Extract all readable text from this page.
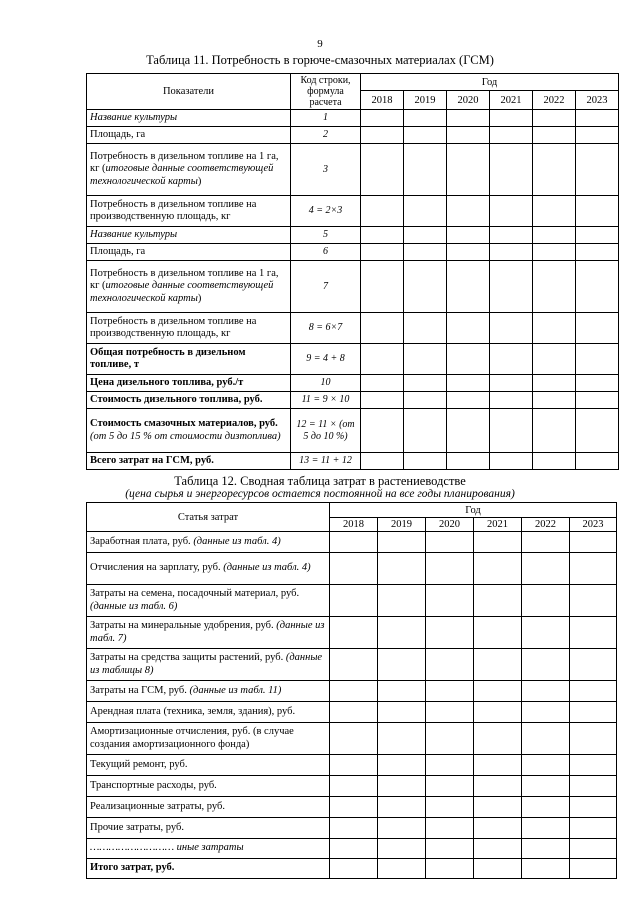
9
Таблица 11. Потребность в горюче-смазочных материалах (ГСМ)
Показатели	Код строки, формула расчета	Год					
		2018	2019	2020	2021	2022	2023
Название культуры	1						
Площадь, га	2						
Потребность в дизельном топливе на 1 га, кг (итоговые данные соответствующей технологической карты)	3						
Потребность в дизельном топливе на производственную площадь, кг	4 = 2×3						
Название культуры	5						
Площадь, га	6						
Потребность в дизельном топливе на 1 га, кг (итоговые данные соответствующей технологической карты)	7						
Потребность в дизельном топливе на производственную площадь, кг	8 = 6×7						
Общая потребность в дизельном топливе, т	9 = 4 + 8						
Цена дизельного топлива, руб./т	10						
Стоимость дизельного топлива, руб.	11 = 9 × 10						
Стоимость смазочных материалов, руб. (от 5 до 15 % от стоимости дизтоплива)	12 = 11 × (от 5 до 10 %)						
Всего затрат на ГСМ, руб.	13 = 11 + 12						
Таблица 12. Сводная таблица затрат в растениеводстве
(цена сырья и энергоресурсов остается постоянной на все годы планирования)
Статья затрат	Год					
	2018	2019	2020	2021	2022	2023
Заработная плата, руб. (данные из табл. 4)						
Отчисления на зарплату, руб. (данные из табл. 4)						
Затраты на семена, посадочный материал, руб. (данные из табл. 6)						
Затраты на минеральные удобрения, руб. (данные из табл. 7)						
Затраты на средства защиты растений, руб. (данные из таблицы 8)						
Затраты на ГСМ, руб. (данные из табл. 11)						
Арендная плата (техника, земля, здания), руб.						
Амортизационные отчисления, руб. (в случае создания амортизационного фонда)						
Текущий ремонт, руб.						
Транспортные расходы, руб.						
Реализационные затраты, руб.						
Прочие затраты, руб.						
……………………… иные затраты						
Итого затрат, руб.						
